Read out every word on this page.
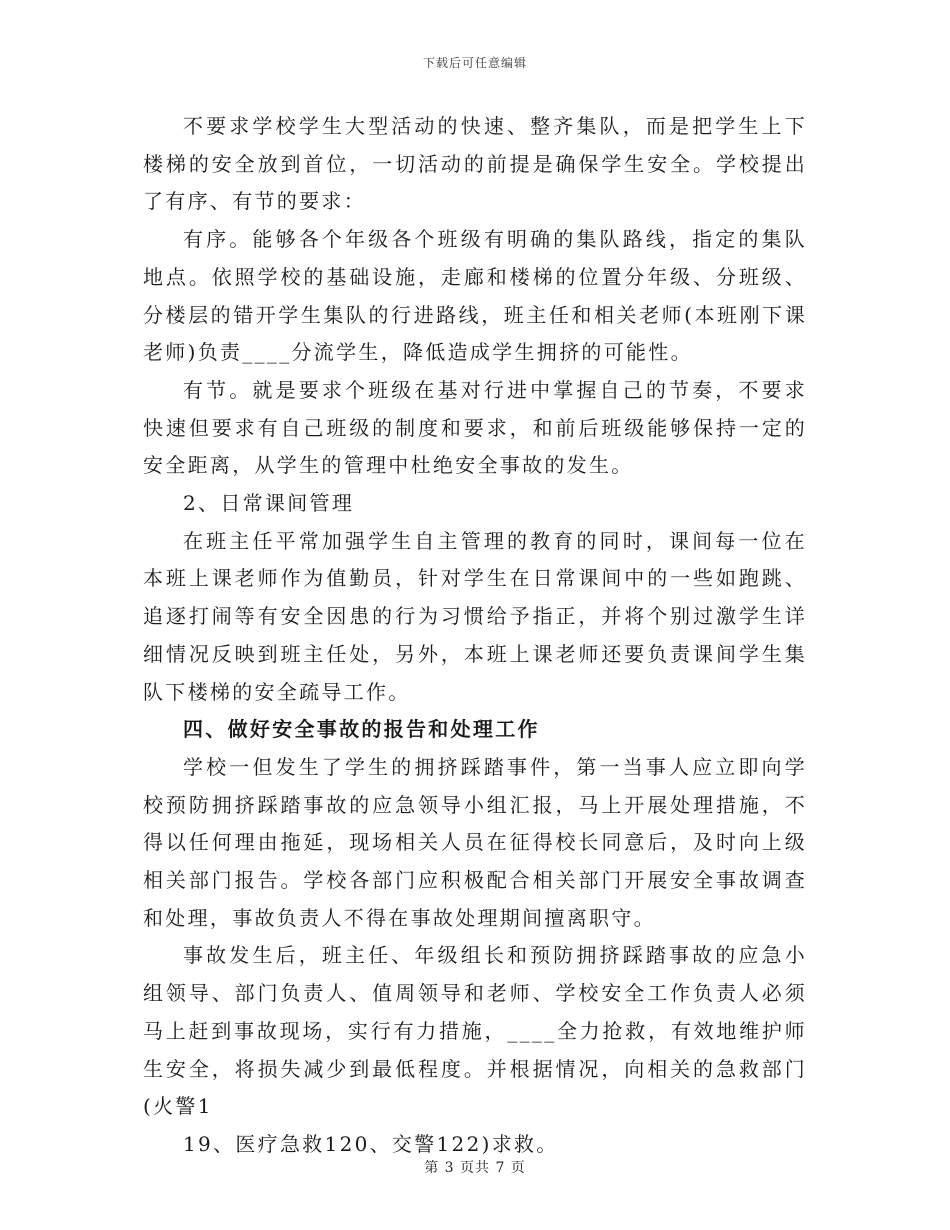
下载后可任意编辑

不要求学校学生大型活动的快速、整齐集队，而是把学生上下楼梯的安全放到首位，一切活动的前提是确保学生安全。学校提出了有序、有节的要求：

有序。能够各个年级各个班级有明确的集队路线，指定的集队地点。依照学校的基础设施，走廊和楼梯的位置分年级、分班级、分楼层的错开学生集队的行进路线，班主任和相关老师(本班刚下课老师)负责____分流学生，降低造成学生拥挤的可能性。

有节。就是要求个班级在基对行进中掌握自己的节奏，不要求快速但要求有自己班级的制度和要求，和前后班级能够保持一定的安全距离，从学生的管理中杜绝安全事故的发生。

2、日常课间管理

在班主任平常加强学生自主管理的教育的同时，课间每一位在本班上课老师作为值勤员，针对学生在日常课间中的一些如跑跳、追逐打闹等有安全因患的行为习惯给予指正，并将个别过激学生详细情况反映到班主任处，另外，本班上课老师还要负责课间学生集队下楼梯的安全疏导工作。

四、做好安全事故的报告和处理工作

学校一但发生了学生的拥挤踩踏事件，第一当事人应立即向学校预防拥挤踩踏事故的应急领导小组汇报，马上开展处理措施，不得以任何理由拖延，现场相关人员在征得校长同意后，及时向上级相关部门报告。学校各部门应积极配合相关部门开展安全事故调查和处理，事故负责人不得在事故处理期间擅离职守。

事故发生后，班主任、年级组长和预防拥挤踩踏事故的应急小组领导、部门负责人、值周领导和老师、学校安全工作负责人必须马上赶到事故现场，实行有力措施，____全力抢救，有效地维护师生安全，将损失减少到最低程度。并根据情况，向相关的急救部门(火警1

19、医疗急救120、交警122)求救。

第 3 页共 7 页
